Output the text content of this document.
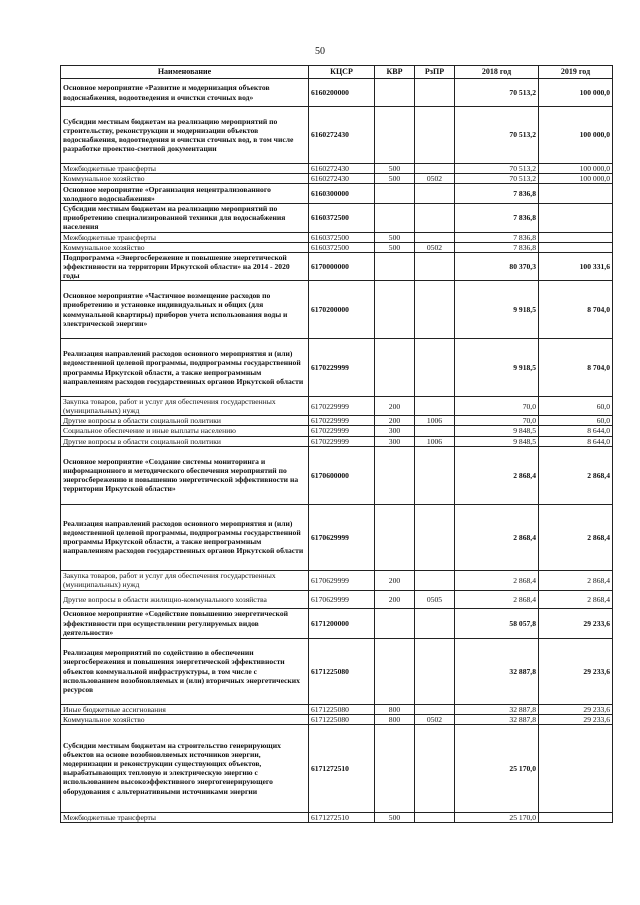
50
Наименование	КЦСР	КВР	РзПР	2018 год	2019 год
Основное мероприятие «Развитие и модернизация объектов водоснабжения, водоотведения и очистки сточных вод»	6160200000			70 513,2	100 000,0
Субсидии местным бюджетам на реализацию мероприятий по строительству, реконструкции и модернизации объектов водоснабжения, водоотведения и очистки сточных вод, в том числе разработке проектно-сметной документации	6160272430			70 513,2	100 000,0
Межбюджетные трансферты	6160272430	500		70 513,2	100 000,0
Коммунальное хозяйство	6160272430	500	0502	70 513,2	100 000,0
Основное мероприятие «Организация нецентрализованного холодного водоснабжения»	6160300000			7 836,8	
Субсидии местным бюджетам на реализацию мероприятий по приобретению специализированной техники для водоснабжения населения	6160372500			7 836,8	
Межбюджетные трансферты	6160372500	500		7 836,8	
Коммунальное хозяйство	6160372500	500	0502	7 836,8	
Подпрограмма «Энергосбережение и повышение энергетической эффективности на территории Иркутской области» на 2014 - 2020 годы	6170000000			80 370,3	100 331,6
Основное мероприятие «Частичное возмещение расходов по приобретению и установке индивидуальных и общих (для коммунальной квартиры) приборов учета использования воды и электрической энергии»	6170200000			9 918,5	8 704,0
Реализация направлений расходов основного мероприятия и (или) ведомственной целевой программы, подпрограммы государственной программы Иркутской области, а также непрограммным направлениям расходов государственных органов Иркутской области	6170229999			9 918,5	8 704,0
Закупка товаров, работ и услуг для обеспечения государственных (муниципальных) нужд	6170229999	200		70,0	60,0
Другие вопросы в области социальной политики	6170229999	200	1006	70,0	60,0
Социальное обеспечение и иные выплаты населению	6170229999	300		9 848,5	8 644,0
Другие вопросы в области социальной политики	6170229999	300	1006	9 848,5	8 644,0
Основное мероприятие «Создание системы мониторинга и информационного и методического обеспечения мероприятий по энергосбережению и повышению энергетической эффективности на территории Иркутской области»	6170600000			2 868,4	2 868,4
Реализация направлений расходов основного мероприятия и (или) ведомственной целевой программы, подпрограммы государственной программы Иркутской области, а также непрограммным направлениям расходов государственных органов Иркутской области	6170629999			2 868,4	2 868,4
Закупка товаров, работ и услуг для обеспечения государственных (муниципальных) нужд	6170629999	200		2 868,4	2 868,4
Другие вопросы в области жилищно-коммунального хозяйства	6170629999	200	0505	2 868,4	2 868,4
Основное мероприятие «Содействие повышению энергетической эффективности при осуществлении регулируемых видов деятельности»	6171200000			58 057,8	29 233,6
Реализация мероприятий по содействию в обеспечении энергосбережения и повышения энергетической эффективности объектов коммунальной инфраструктуры, в том числе с использованием возобновляемых и (или) вторичных энергетических ресурсов	6171225080			32 887,8	29 233,6
Иные бюджетные ассигнования	6171225080	800		32 887,8	29 233,6
Коммунальное хозяйство	6171225080	800	0502	32 887,8	29 233,6
Субсидии местным бюджетам на строительство генерирующих объектов на основе возобновляемых источников энергии, модернизации и реконструкции существующих объектов, вырабатывающих тепловую и электрическую энергию с использованием высокоэффективного энергогенерирующего оборудования с альтернативными источниками энергии	6171272510			25 170,0	
Межбюджетные трансферты	6171272510	500		25 170,0	
